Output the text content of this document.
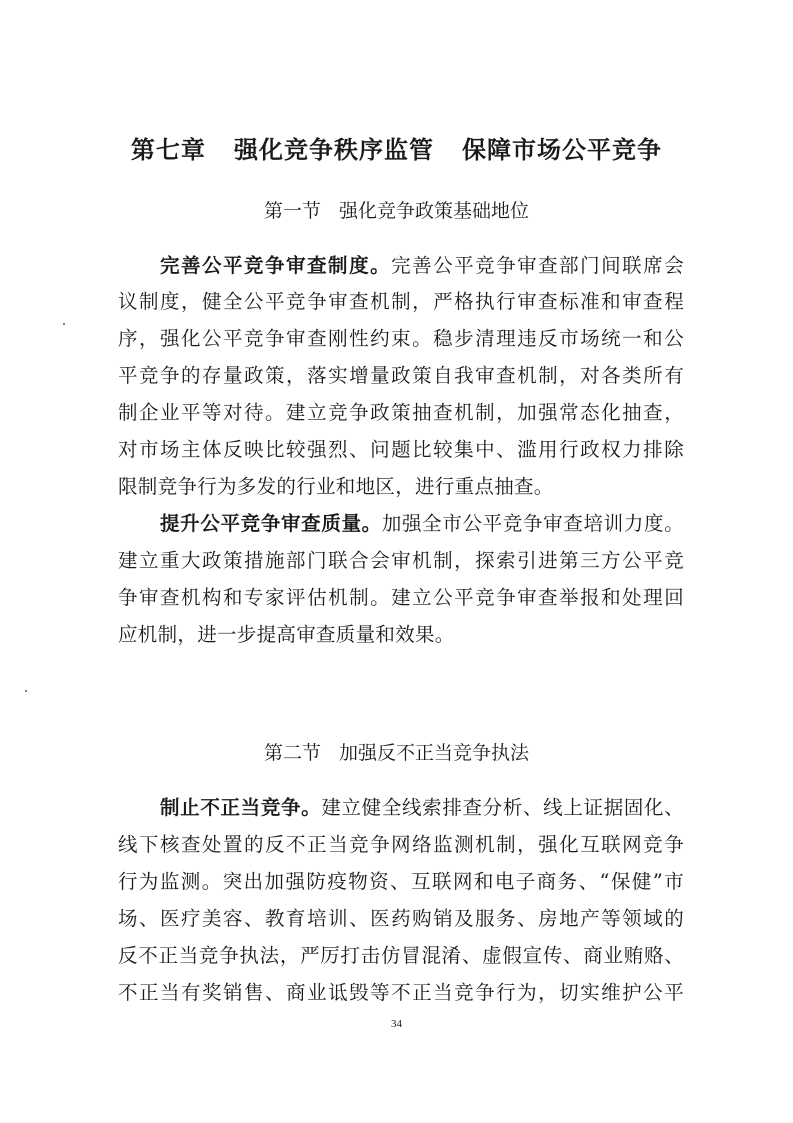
第七章   强化竞争秩序监管   保障市场公平竞争
第一节   强化竞争政策基础地位
完善公平竞争审查制度。完善公平竞争审查部门间联席会
议制度，健全公平竞争审查机制，严格执行审查标准和审查程
序，强化公平竞争审查刚性约束。稳步清理违反市场统一和公
平竞争的存量政策，落实增量政策自我审查机制，对各类所有
制企业平等对待。建立竞争政策抽查机制，加强常态化抽查，
对市场主体反映比较强烈、问题比较集中、滥用行政权力排除
限制竞争行为多发的行业和地区，进行重点抽查。
提升公平竞争审查质量。加强全市公平竞争审查培训力度。
建立重大政策措施部门联合会审机制，探索引进第三方公平竞
争审查机构和专家评估机制。建立公平竞争审查举报和处理回
应机制，进一步提高审查质量和效果。
第二节   加强反不正当竞争执法
制止不正当竞争。建立健全线索排查分析、线上证据固化、
线下核查处置的反不正当竞争网络监测机制，强化互联网竞争
行为监测。突出加强防疫物资、互联网和电子商务、“保健”市
场、医疗美容、教育培训、医药购销及服务、房地产等领域的
反不正当竞争执法，严厉打击仿冒混淆、虚假宣传、商业贿赂、
不正当有奖销售、商业诋毁等不正当竞争行为，切实维护公平
34
